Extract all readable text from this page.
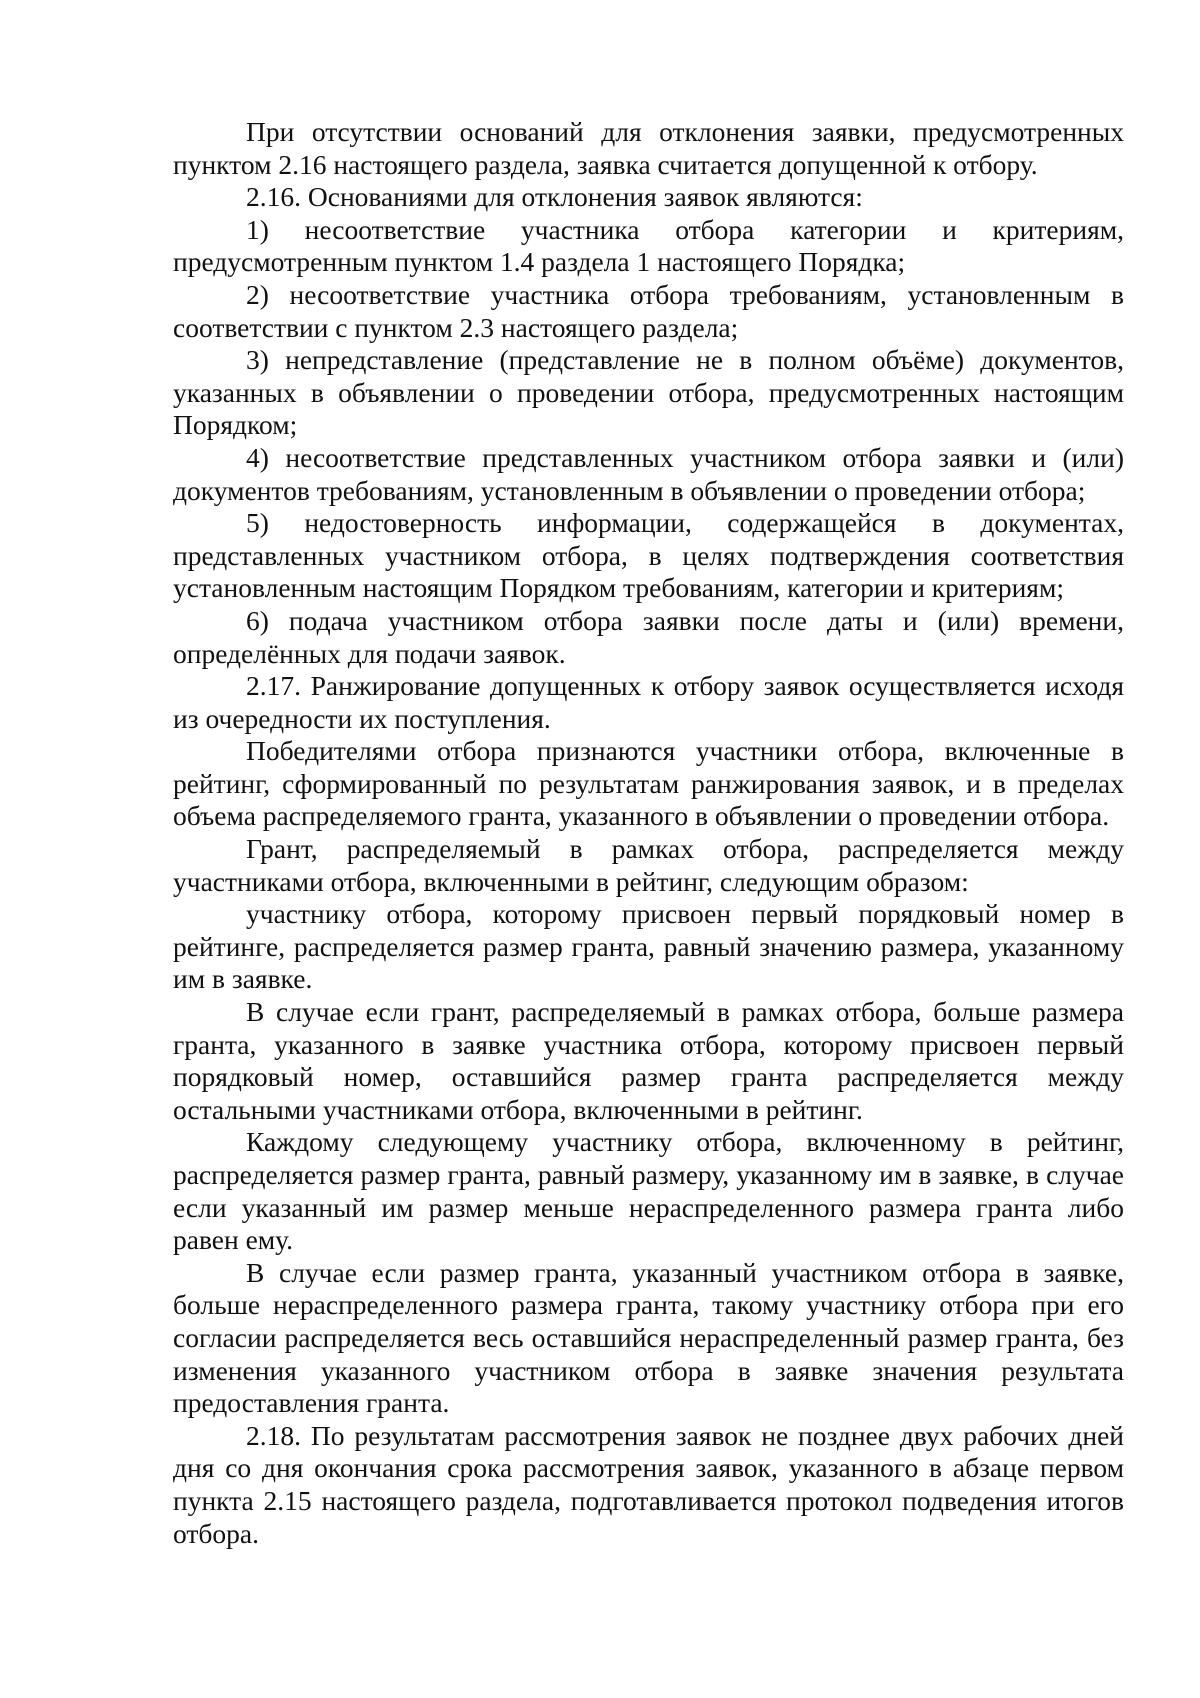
При отсутствии оснований для отклонения заявки, предусмотренных пунктом 2.16 настоящего раздела, заявка считается допущенной к отбору.

2.16. Основаниями для отклонения заявок являются:

1) несоответствие участника отбора категории и критериям, предусмотренным пунктом 1.4 раздела 1 настоящего Порядка;

2) несоответствие участника отбора требованиям, установленным в соответствии с пунктом 2.3 настоящего раздела;

3) непредставление (представление не в полном объёме) документов, указанных в объявлении о проведении отбора, предусмотренных настоящим Порядком;

4) несоответствие представленных участником отбора заявки и (или) документов требованиям, установленным в объявлении о проведении отбора;

5) недостоверность информации, содержащейся в документах, представленных участником отбора, в целях подтверждения соответствия установленным настоящим Порядком требованиям, категории и критериям;

6) подача участником отбора заявки после даты и (или) времени, определённых для подачи заявок.

2.17. Ранжирование допущенных к отбору заявок осуществляется исходя из очередности их поступления.

Победителями отбора признаются участники отбора, включенные в рейтинг, сформированный по результатам ранжирования заявок, и в пределах объема распределяемого гранта, указанного в объявлении о проведении отбора.

Грант, распределяемый в рамках отбора, распределяется между участниками отбора, включенными в рейтинг, следующим образом:

участнику отбора, которому присвоен первый порядковый номер в рейтинге, распределяется размер гранта, равный значению размера, указанному им в заявке.

В случае если грант, распределяемый в рамках отбора, больше размера гранта, указанного в заявке участника отбора, которому присвоен первый порядковый номер, оставшийся размер гранта распределяется между остальными участниками отбора, включенными в рейтинг.

Каждому следующему участнику отбора, включенному в рейтинг, распределяется размер гранта, равный размеру, указанному им в заявке, в случае если указанный им размер меньше нераспределенного размера гранта либо равен ему.

В случае если размер гранта, указанный участником отбора в заявке, больше нераспределенного размера гранта, такому участнику отбора при его согласии распределяется весь оставшийся нераспределенный размер гранта, без изменения указанного участником отбора в заявке значения результата предоставления гранта.

2.18. По результатам рассмотрения заявок не позднее двух рабочих дней дня со дня окончания срока рассмотрения заявок, указанного в абзаце первом пункта 2.15 настоящего раздела, подготавливается протокол подведения итогов отбора.
